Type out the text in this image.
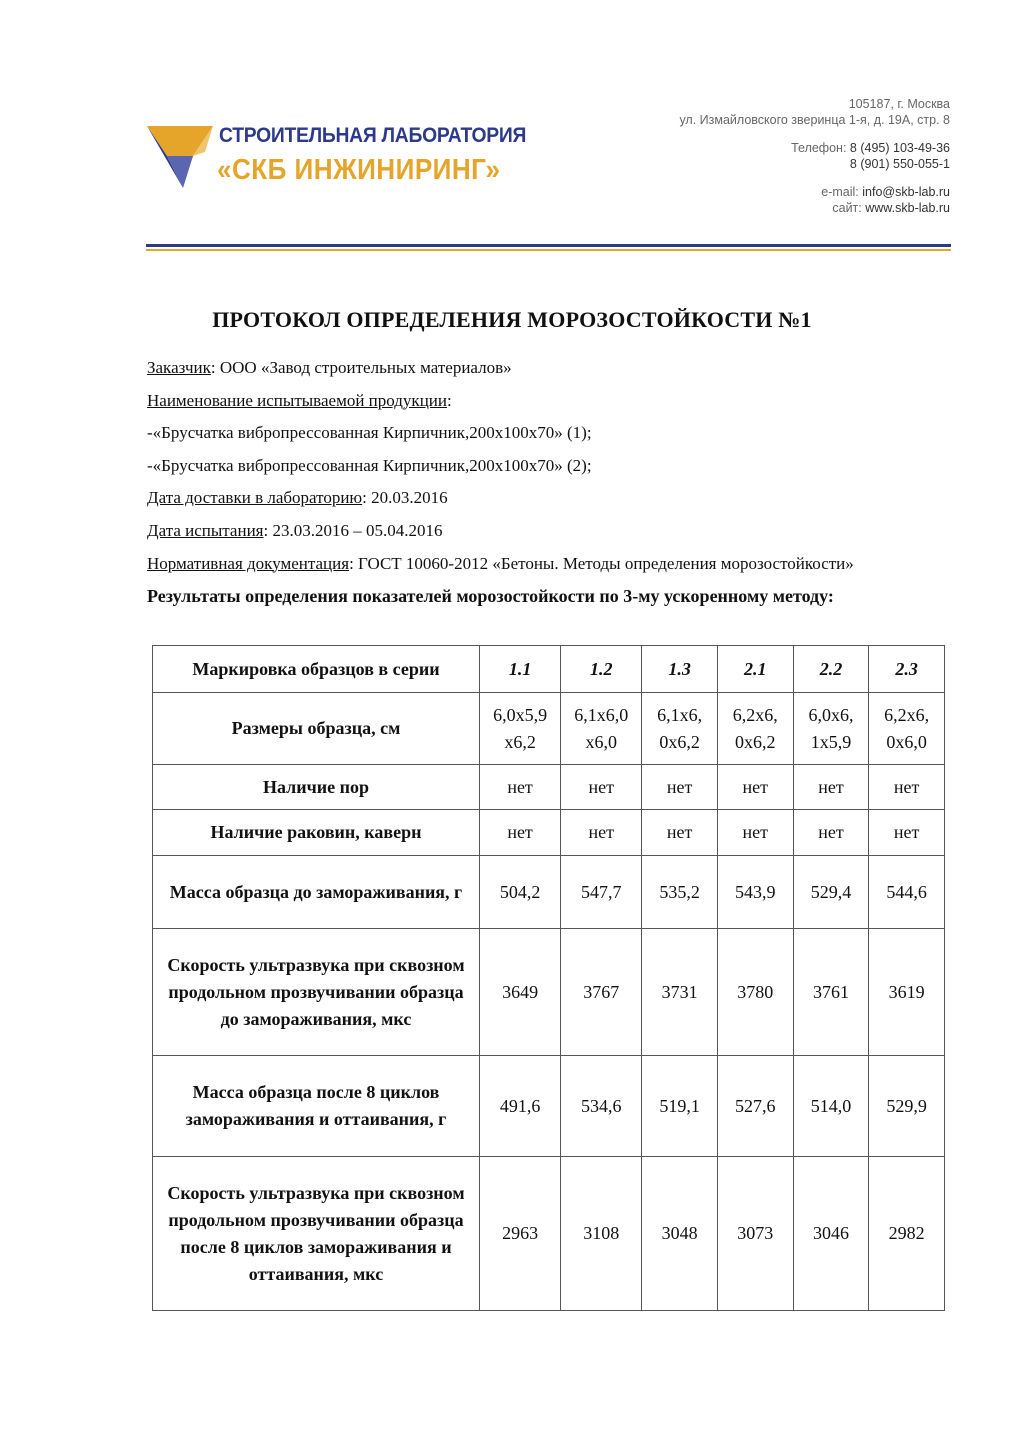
СТРОИТЕЛЬНАЯ ЛАБОРАТОРИЯ
«СКБ ИНЖИНИРИНГ»
105187, г. Москва
ул. Измайловского зверинца 1-я, д. 19А, стр. 8
Телефон: 8 (495) 103-49-36
8 (901) 550-055-1
e-mail: info@skb-lab.ru
сайт: www.skb-lab.ru
ПРОТОКОЛ ОПРЕДЕЛЕНИЯ МОРОЗОСТОЙКОСТИ №1
Заказчик: ООО «Завод строительных материалов»
Наименование испытываемой продукции:
-«Брусчатка вибропрессованная Кирпичник,200х100х70» (1);
-«Брусчатка вибропрессованная Кирпичник,200х100х70» (2);
Дата доставки в лабораторию: 20.03.2016
Дата испытания: 23.03.2016 – 05.04.2016
Нормативная документация: ГОСТ 10060-2012 «Бетоны. Методы определения морозостойкости»
Результаты определения показателей морозостойкости по 3-му ускоренному методу:
Маркировка образцов в серии	1.1	1.2	1.3	2.1	2.2	2.3
Размеры образца, см	6,0х5,9 х6,2	6,1х6,0 х6,0	6,1х6, 0х6,2	6,2х6, 0х6,2	6,0х6, 1х5,9	6,2х6, 0х6,0
Наличие пор	нет	нет	нет	нет	нет	нет
Наличие раковин, каверн	нет	нет	нет	нет	нет	нет
Масса образца до замораживания, г	504,2	547,7	535,2	543,9	529,4	544,6
Скорость ультразвука при сквозном продольном прозвучивании образца до замораживания, мкс	3649	3767	3731	3780	3761	3619
Масса образца после 8 циклов замораживания и оттаивания, г	491,6	534,6	519,1	527,6	514,0	529,9
Скорость ультразвука при сквозном продольном прозвучивании образца после 8 циклов замораживания и оттаивания, мкс	2963	3108	3048	3073	3046	2982
